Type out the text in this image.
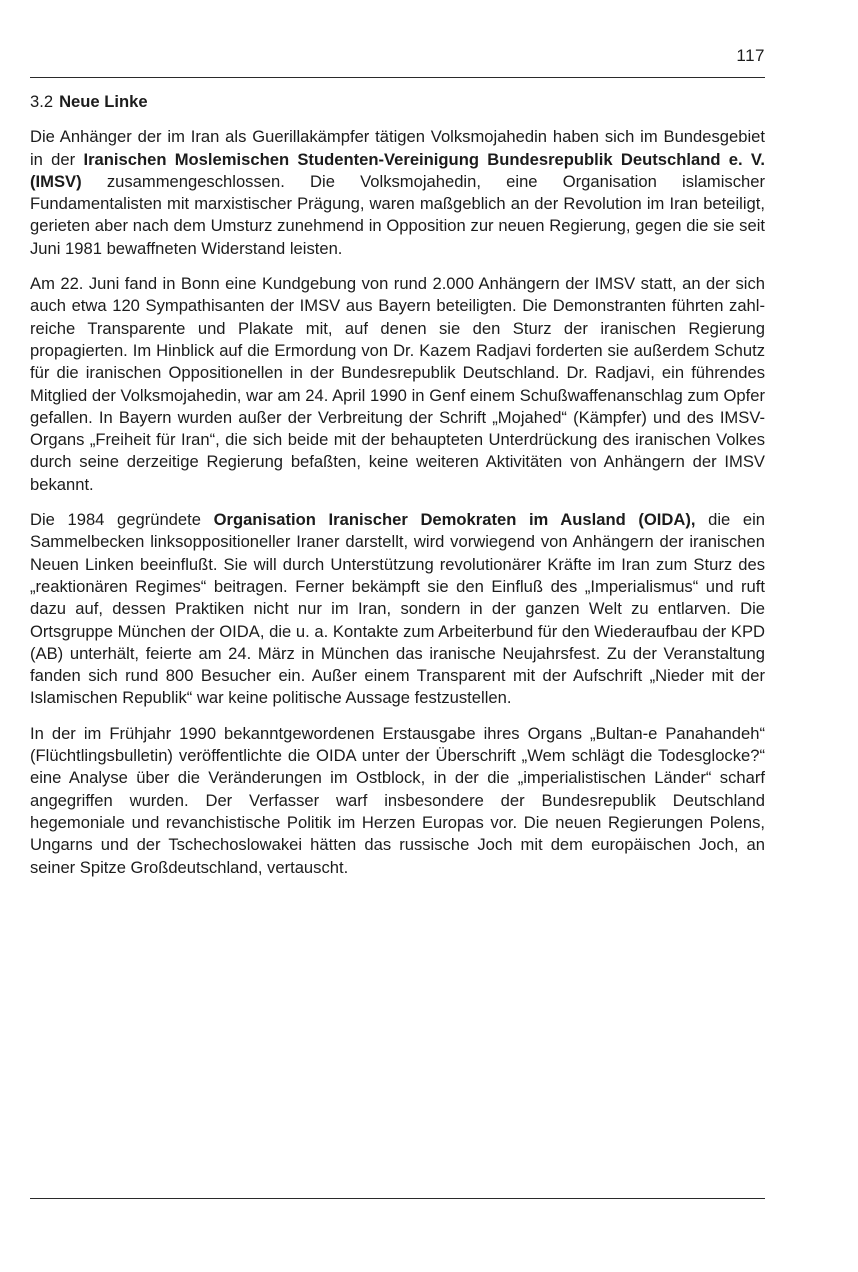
117
3.2 Neue Linke

Die Anhänger der im Iran als Guerillakämpfer tätigen Volksmojahedin haben sich im Bundesgebiet in der Iranischen Moslemischen Studenten-Vereinigung Bundesrepublik Deutschland e. V. (IMSV) zusammengeschlossen. Die Volksmojahedin, eine Organisation islamischer Fundamentalisten mit marxistischer Prägung, waren maßgeblich an der Revolution im Iran beteiligt, gerieten aber nach dem Umsturz zunehmend in Opposition zur neuen Regierung, gegen die sie seit Juni 1981 bewaffneten Widerstand leisten.

Am 22. Juni fand in Bonn eine Kundgebung von rund 2.000 Anhängern der IMSV statt, an der sich auch etwa 120 Sympathisanten der IMSV aus Bayern beteiligten. Die Demonstranten führten zahlreiche Transparente und Plakate mit, auf denen sie den Sturz der iranischen Regierung propagierten. Im Hinblick auf die Ermordung von Dr. Kazem Radjavi forderten sie außerdem Schutz für die iranischen Oppositionellen in der Bundesrepublik Deutschland. Dr. Radjavi, ein führendes Mitglied der Volksmojahedin, war am 24. April 1990 in Genf einem Schußwaffenanschlag zum Opfer gefallen. In Bayern wurden außer der Verbreitung der Schrift „Mojahed“ (Kämpfer) und des IMSV-Organs „Freiheit für Iran“, die sich beide mit der behaupteten Unterdrückung des iranischen Volkes durch seine derzeitige Regierung befaßten, keine weiteren Aktivitäten von Anhängern der IMSV bekannt.

Die 1984 gegründete Organisation Iranischer Demokraten im Ausland (OIDA), die ein Sammelbecken linksoppositioneller Iraner darstellt, wird vorwiegend von Anhängern der iranischen Neuen Linken beeinflußt. Sie will durch Unterstützung revolutionärer Kräfte im Iran zum Sturz des „reaktionären Regimes“ beitragen. Ferner bekämpft sie den Einfluß des „Imperialismus“ und ruft dazu auf, dessen Praktiken nicht nur im Iran, sondern in der ganzen Welt zu entlarven. Die Ortsgruppe München der OIDA, die u. a. Kontakte zum Arbeiterbund für den Wiederaufbau der KPD (AB) unterhält, feierte am 24. März in München das iranische Neujahrsfest. Zu der Veranstaltung fanden sich rund 800 Besucher ein. Außer einem Transparent mit der Aufschrift „Nieder mit der Islamischen Republik“ war keine politische Aussage festzustellen.

In der im Frühjahr 1990 bekanntgewordenen Erstausgabe ihres Organs „Bultan-e Panahandeh“ (Flüchtlingsbulletin) veröffentlichte die OIDA unter der Überschrift „Wem schlägt die Todesglocke?“ eine Analyse über die Veränderungen im Ostblock, in der die „imperialistischen Länder“ scharf angegriffen wurden. Der Verfasser warf insbesondere der Bundesrepublik Deutschland hegemoniale und revanchistische Politik im Herzen Europas vor. Die neuen Regierungen Polens, Ungarns und der Tschechoslowakei hätten das russische Joch mit dem europäischen Joch, an seiner Spitze Großdeutschland, vertauscht.
